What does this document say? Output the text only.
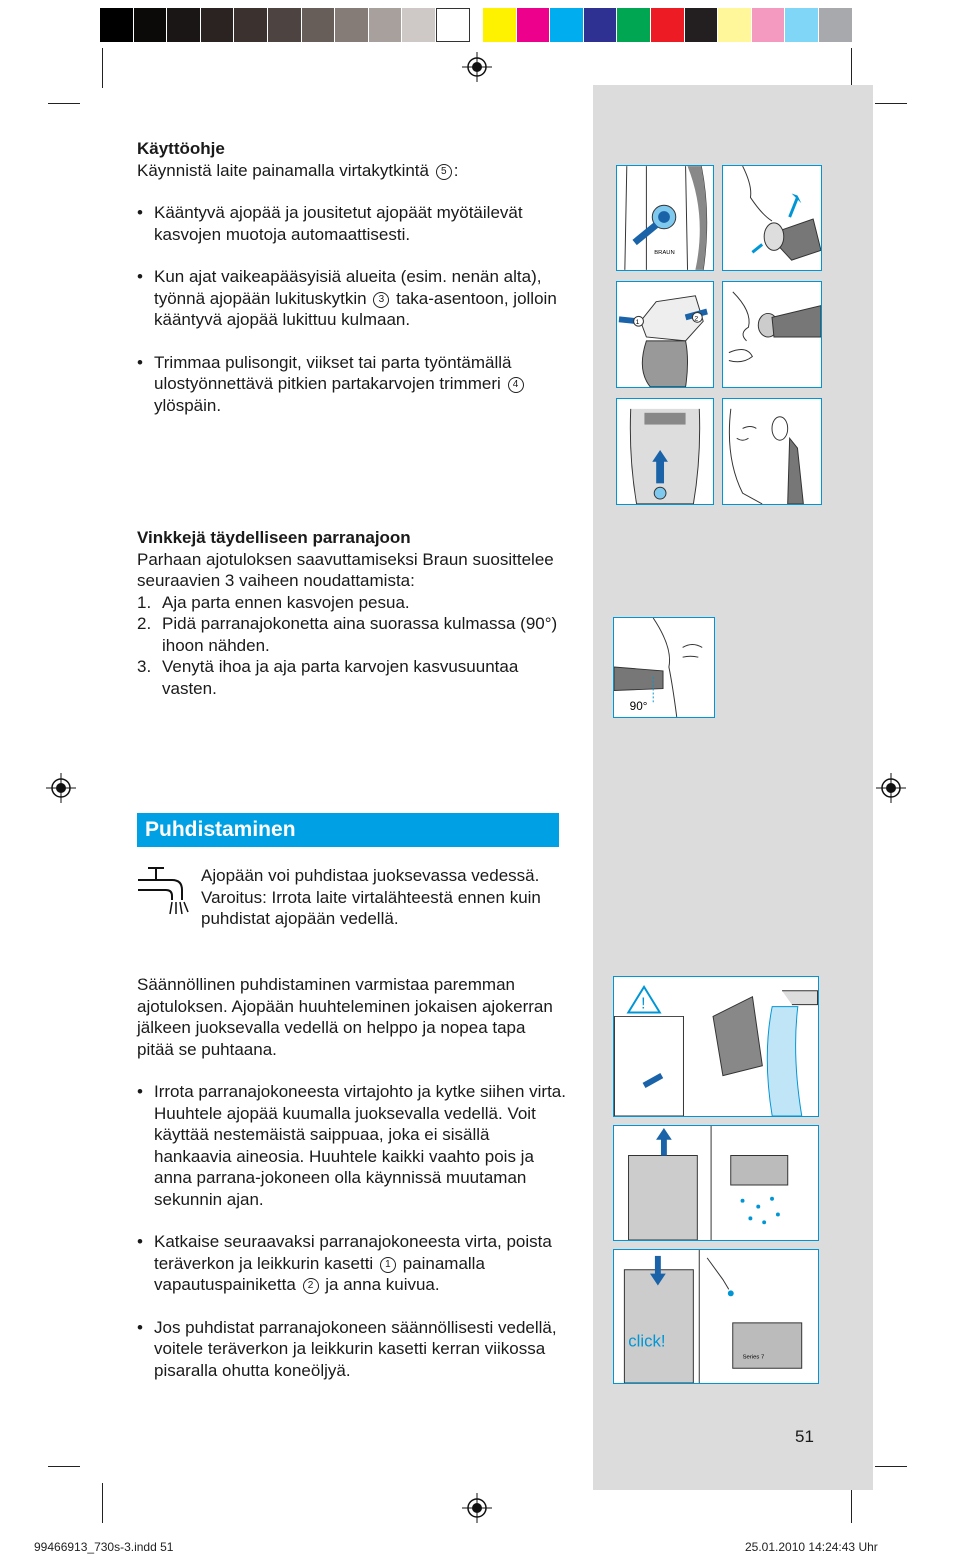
Käyttöohje

Käynnistä laite painamalla virtakytkintä 5 :

• Kääntyvä ajopää ja jousitetut ajopäät myötäilevät kasvojen muotoja automaattisesti.

• Kun ajat vaikeapääsyisiä alueita (esim. nenän alta), työnnä ajopään lukituskytkin 3 taka-asentoon, jolloin kääntyvä ajopää lukittuu kulmaan.

• Trimmaa pulisongit, viikset tai parta työntämällä ulostyönnettävä pitkien partakarvojen trimmeri 4 ylöspäin.

Vinkkejä täydelliseen parranajoon

Parhaan ajotuloksen saavuttamiseksi Braun suosittelee seuraavien 3 vaiheen noudattamista:

1. Aja parta ennen kasvojen pesua.

2. Pidä parranajokonetta aina suorassa kulmassa (90°) ihoon nähden.

3. Venytä ihoa ja aja parta karvojen kasvusuuntaa vasten.

Puhdistaminen

Ajopään voi puhdistaa juoksevassa vedessä.

Varoitus: Irrota laite virtalähteestä ennen kuin puhdistat ajopään vedellä.

Säännöllinen puhdistaminen varmistaa paremman ajotuloksen. Ajopään huuhteleminen jokaisen ajokerran jälkeen juoksevalla vedellä on helppo ja nopea tapa pitää se puhtaana.

• Irrota parranajokoneesta virtajohto ja kytke siihen virta. Huuhtele ajopää kuumalla juoksevalla vedellä. Voit käyttää nestemäistä saippuaa, joka ei sisällä hankaavia aineosia. Huuhtele kaikki vaahto pois ja anna parrana-jokoneen olla käynnissä muutaman sekunnin ajan.

• Katkaise seuraavaksi parranajokoneesta virta, poista teräverkon ja leikkurin kasetti 1 painamalla vapautuspainiketta 2 ja anna kuivua.

• Jos puhdistat parranajokoneen säännöllisesti vedellä, voitele teräverkon ja leikkurin kasetti kerran viikossa pisaralla ohutta koneöljyä.

BRAUN
1
2
90°
!
click!
Series 7
51
99466913_730s-3.indd 51	25.01.2010 14:24:43 Uhr
